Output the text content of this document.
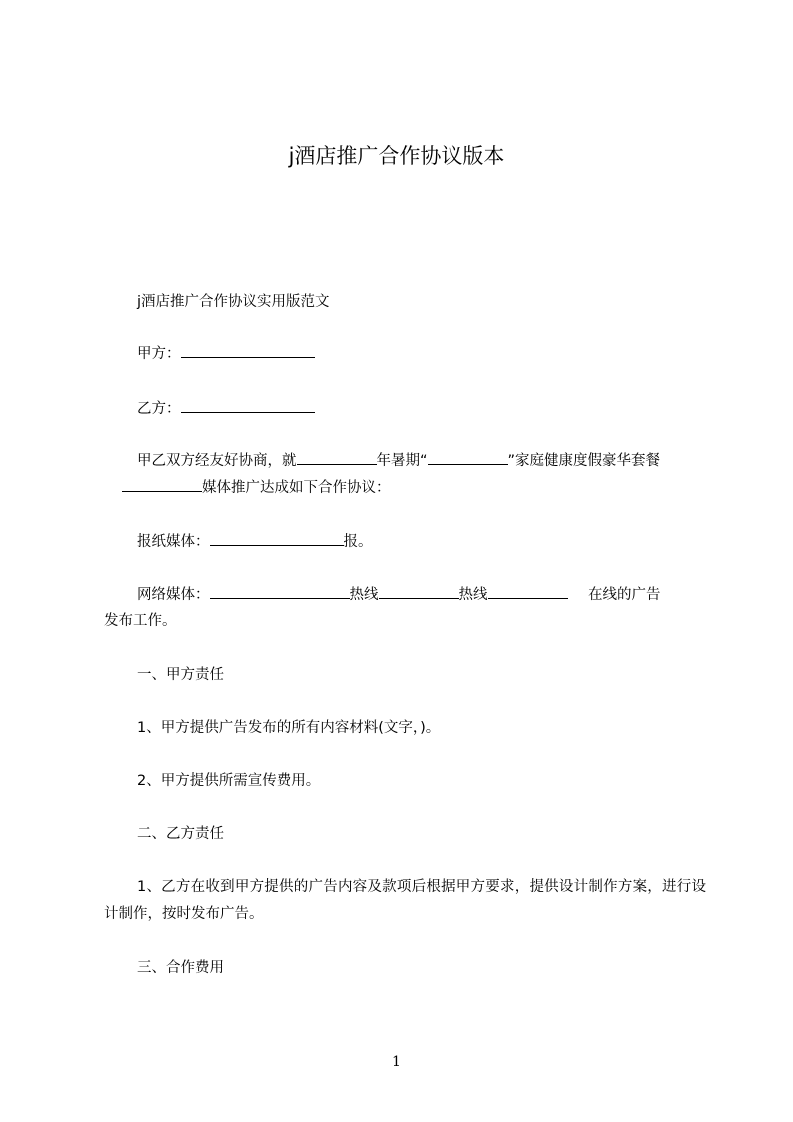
j酒店推广合作协议版本
j酒店推广合作协议实用版范文
甲方：
乙方：
甲乙双方经友好协商，就	年暑期“	”家庭健康度假豪华套餐
媒体推广达成如下合作协议：
报纸媒体：	报。
网络媒体：	热线	热线	在线的广告
一、甲方责任
1、甲方提供广告发布的所有内容材料(文字，)。
2、甲方提供所需宣传费用。
二、乙方责任
1、乙方在收到甲方提供的广告内容及款项后根据甲方要求，提供设计制作方案，进行设计制作，按时发布广告。
三、合作费用
1
发布工作。
